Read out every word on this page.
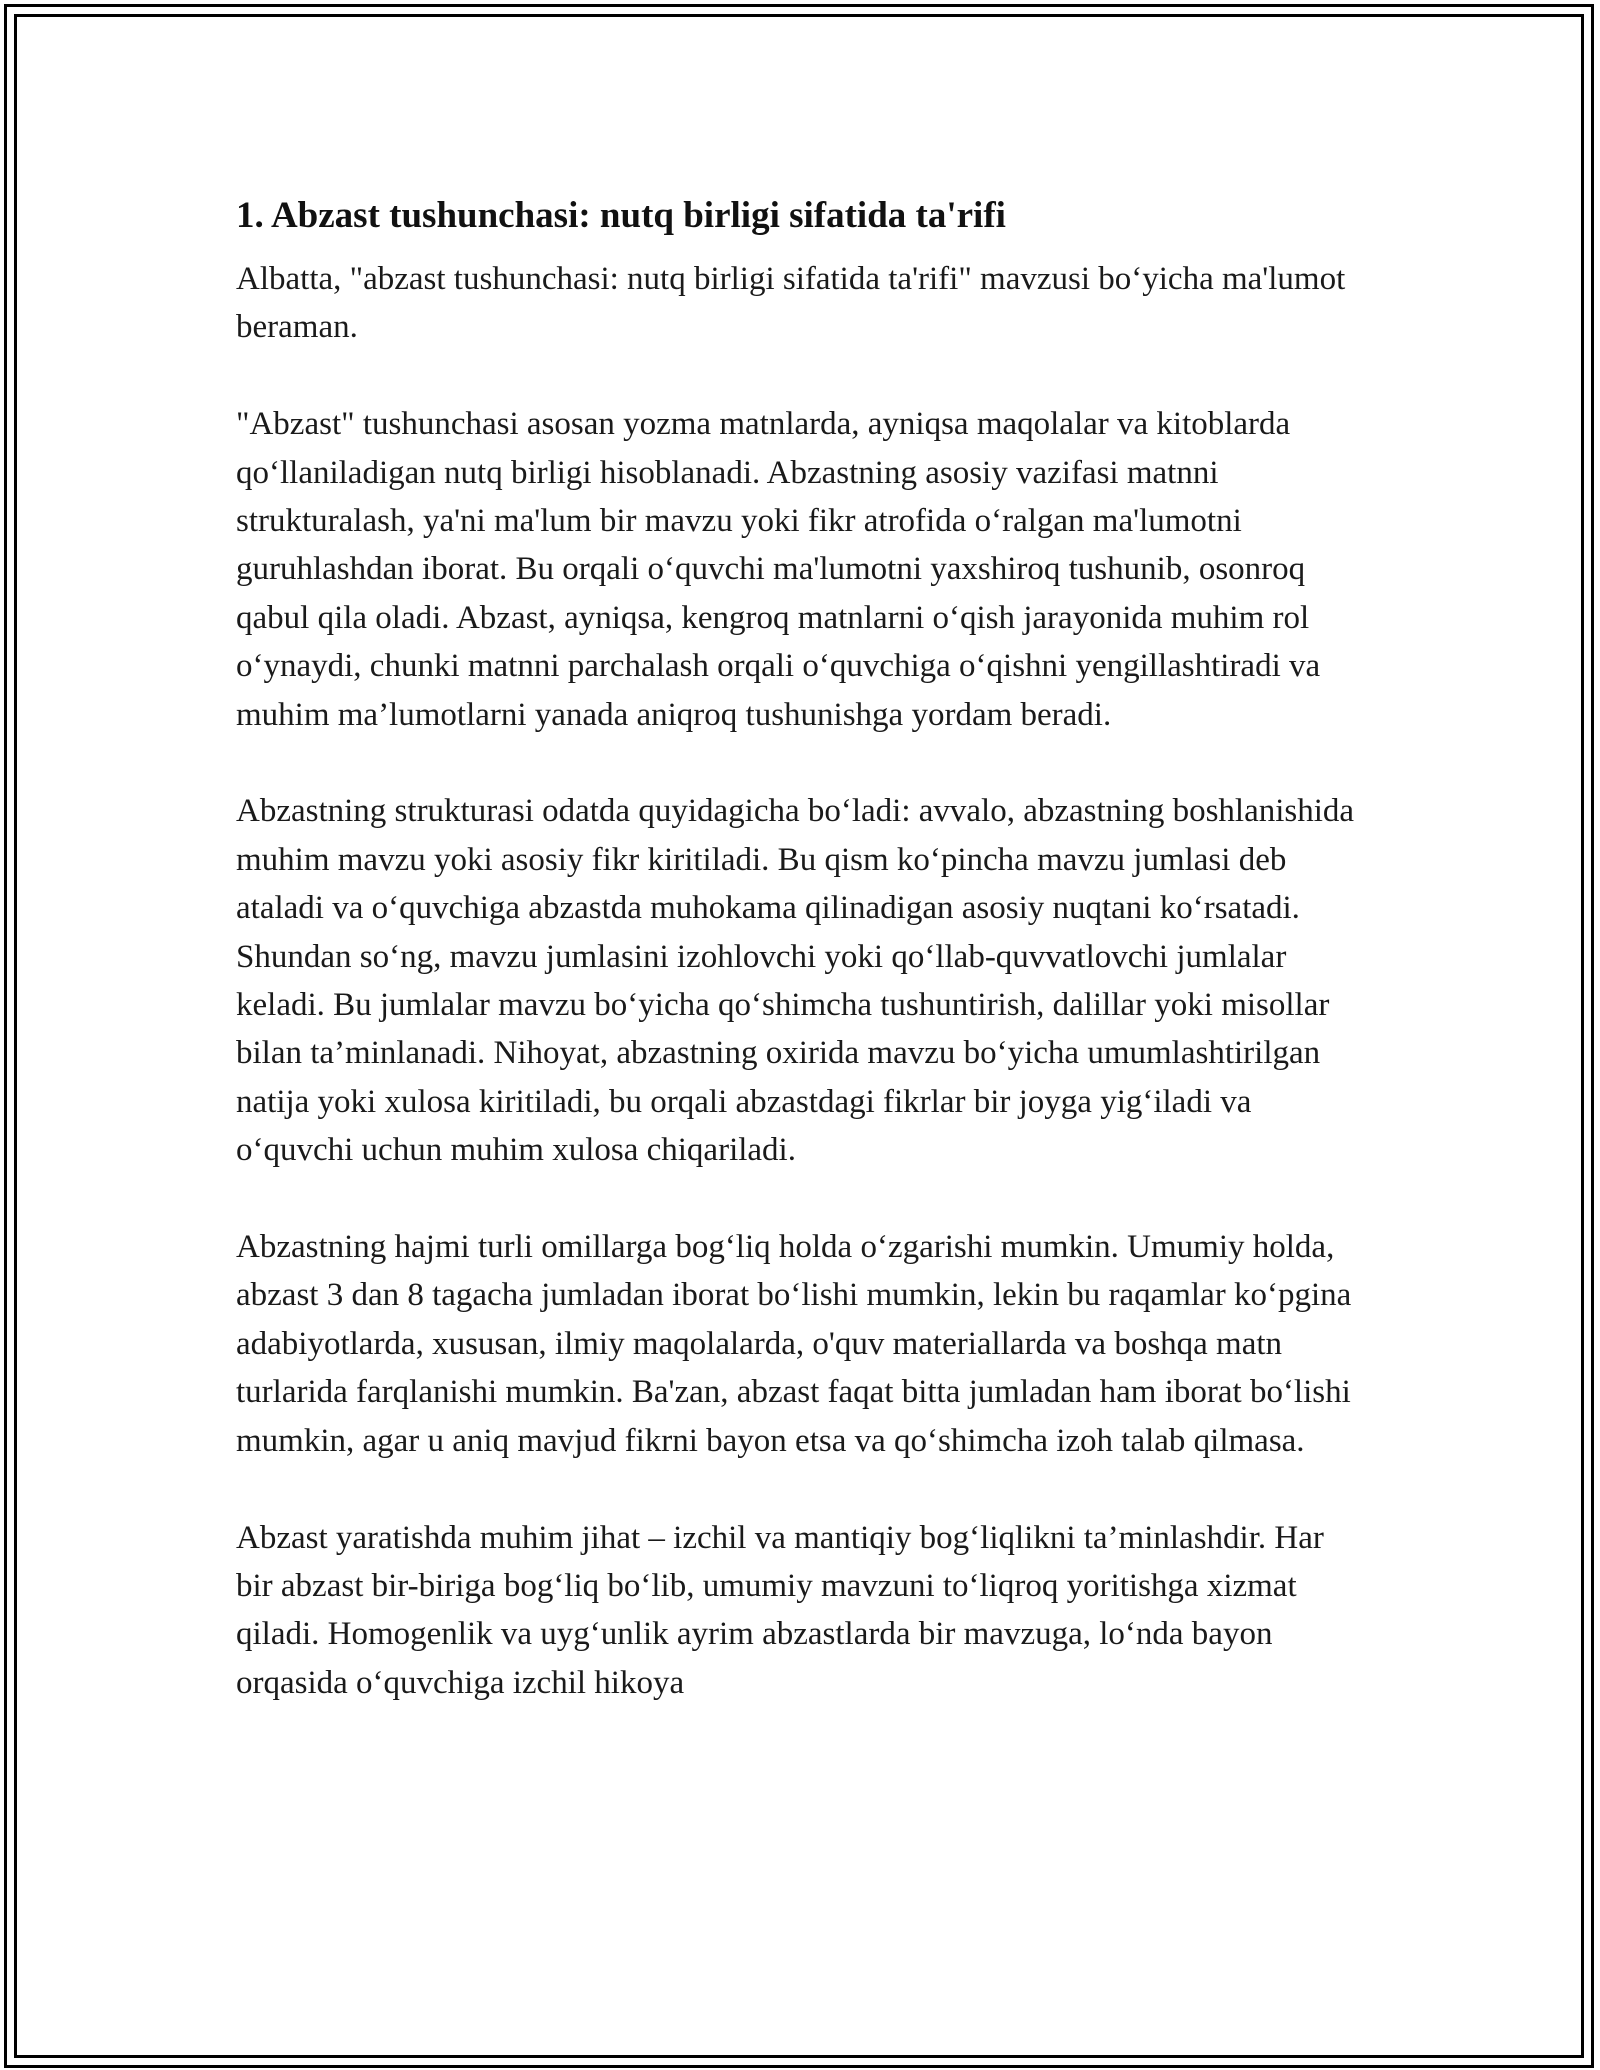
1. Abzast tushunchasi: nutq birligi sifatida ta'rifi

Albatta, "abzast tushunchasi: nutq birligi sifatida ta'rifi" mavzusi bo‘yicha ma'lumot beraman.

"Abzast" tushunchasi asosan yozma matnlarda, ayniqsa maqolalar va kitoblarda qo‘llaniladigan nutq birligi hisoblanadi. Abzastning asosiy vazifasi matnni strukturalash, ya'ni ma'lum bir mavzu yoki fikr atrofida o‘ralgan ma'lumotni guruhlashdan iborat. Bu orqali o‘quvchi ma'lumotni yaxshiroq tushunib, osonroq qabul qila oladi. Abzast, ayniqsa, kengroq matnlarni o‘qish jarayonida muhim rol o‘ynaydi, chunki matnni parchalash orqali o‘quvchiga o‘qishni yengillashtiradi va muhim ma’lumotlarni yanada aniqroq tushunishga yordam beradi.

Abzastning strukturasi odatda quyidagicha bo‘ladi: avvalo, abzastning boshlanishida muhim mavzu yoki asosiy fikr kiritiladi. Bu qism ko‘pincha mavzu jumlasi deb ataladi va o‘quvchiga abzastda muhokama qilinadigan asosiy nuqtani ko‘rsatadi. Shundan so‘ng, mavzu jumlasini izohlovchi yoki qo‘llab-quvvatlovchi jumlalar keladi. Bu jumlalar mavzu bo‘yicha qo‘shimcha tushuntirish, dalillar yoki misollar bilan ta’minlanadi. Nihoyat, abzastning oxirida mavzu bo‘yicha umumlashtirilgan natija yoki xulosa kiritiladi, bu orqali abzastdagi fikrlar bir joyga yig‘iladi va o‘quvchi uchun muhim xulosa chiqariladi.

Abzastning hajmi turli omillarga bog‘liq holda o‘zgarishi mumkin. Umumiy holda, abzast 3 dan 8 tagacha jumladan iborat bo‘lishi mumkin, lekin bu raqamlar ko‘pgina adabiyotlarda, xususan, ilmiy maqolalarda, o'quv materiallarda va boshqa matn turlarida farqlanishi mumkin. Ba'zan, abzast faqat bitta jumladan ham iborat bo‘lishi mumkin, agar u aniq mavjud fikrni bayon etsa va qo‘shimcha izoh talab qilmasa.

Abzast yaratishda muhim jihat – izchil va mantiqiy bog‘liqlikni ta’minlashdir. Har bir abzast bir-biriga bog‘liq bo‘lib, umumiy mavzuni to‘liqroq yoritishga xizmat qiladi. Homogenlik va uyg‘unlik ayrim abzastlarda bir mavzuga, lo‘nda bayon orqasida o‘quvchiga izchil hikoya
